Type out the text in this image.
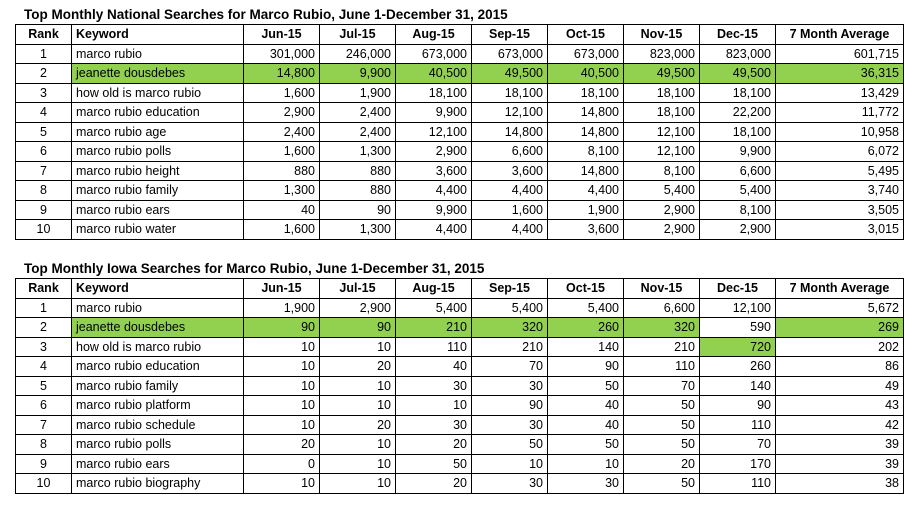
Top Monthly National Searches for Marco Rubio, June 1-December 31, 2015
Rank	Keyword	Jun-15	Jul-15	Aug-15	Sep-15	Oct-15	Nov-15	Dec-15	7 Month Average
1	marco rubio	301,000	246,000	673,000	673,000	673,000	823,000	823,000	601,715
2	jeanette dousdebes	14,800	9,900	40,500	49,500	40,500	49,500	49,500	36,315
3	how old is marco rubio	1,600	1,900	18,100	18,100	18,100	18,100	18,100	13,429
4	marco rubio education	2,900	2,400	9,900	12,100	14,800	18,100	22,200	11,772
5	marco rubio age	2,400	2,400	12,100	14,800	14,800	12,100	18,100	10,958
6	marco rubio polls	1,600	1,300	2,900	6,600	8,100	12,100	9,900	6,072
7	marco rubio height	880	880	3,600	3,600	14,800	8,100	6,600	5,495
8	marco rubio family	1,300	880	4,400	4,400	4,400	5,400	5,400	3,740
9	marco rubio ears	40	90	9,900	1,600	1,900	2,900	8,100	3,505
10	marco rubio water	1,600	1,300	4,400	4,400	3,600	2,900	2,900	3,015
Top Monthly Iowa Searches for Marco Rubio, June 1-December 31, 2015
Rank	Keyword	Jun-15	Jul-15	Aug-15	Sep-15	Oct-15	Nov-15	Dec-15	7 Month Average
1	marco rubio	1,900	2,900	5,400	5,400	5,400	6,600	12,100	5,672
2	jeanette dousdebes	90	90	210	320	260	320	590	269
3	how old is marco rubio	10	10	110	210	140	210	720	202
4	marco rubio education	10	20	40	70	90	110	260	86
5	marco rubio family	10	10	30	30	50	70	140	49
6	marco rubio platform	10	10	10	90	40	50	90	43
7	marco rubio schedule	10	20	30	30	40	50	110	42
8	marco rubio polls	20	10	20	50	50	50	70	39
9	marco rubio ears	0	10	50	10	10	20	170	39
10	marco rubio biography	10	10	20	30	30	50	110	38
